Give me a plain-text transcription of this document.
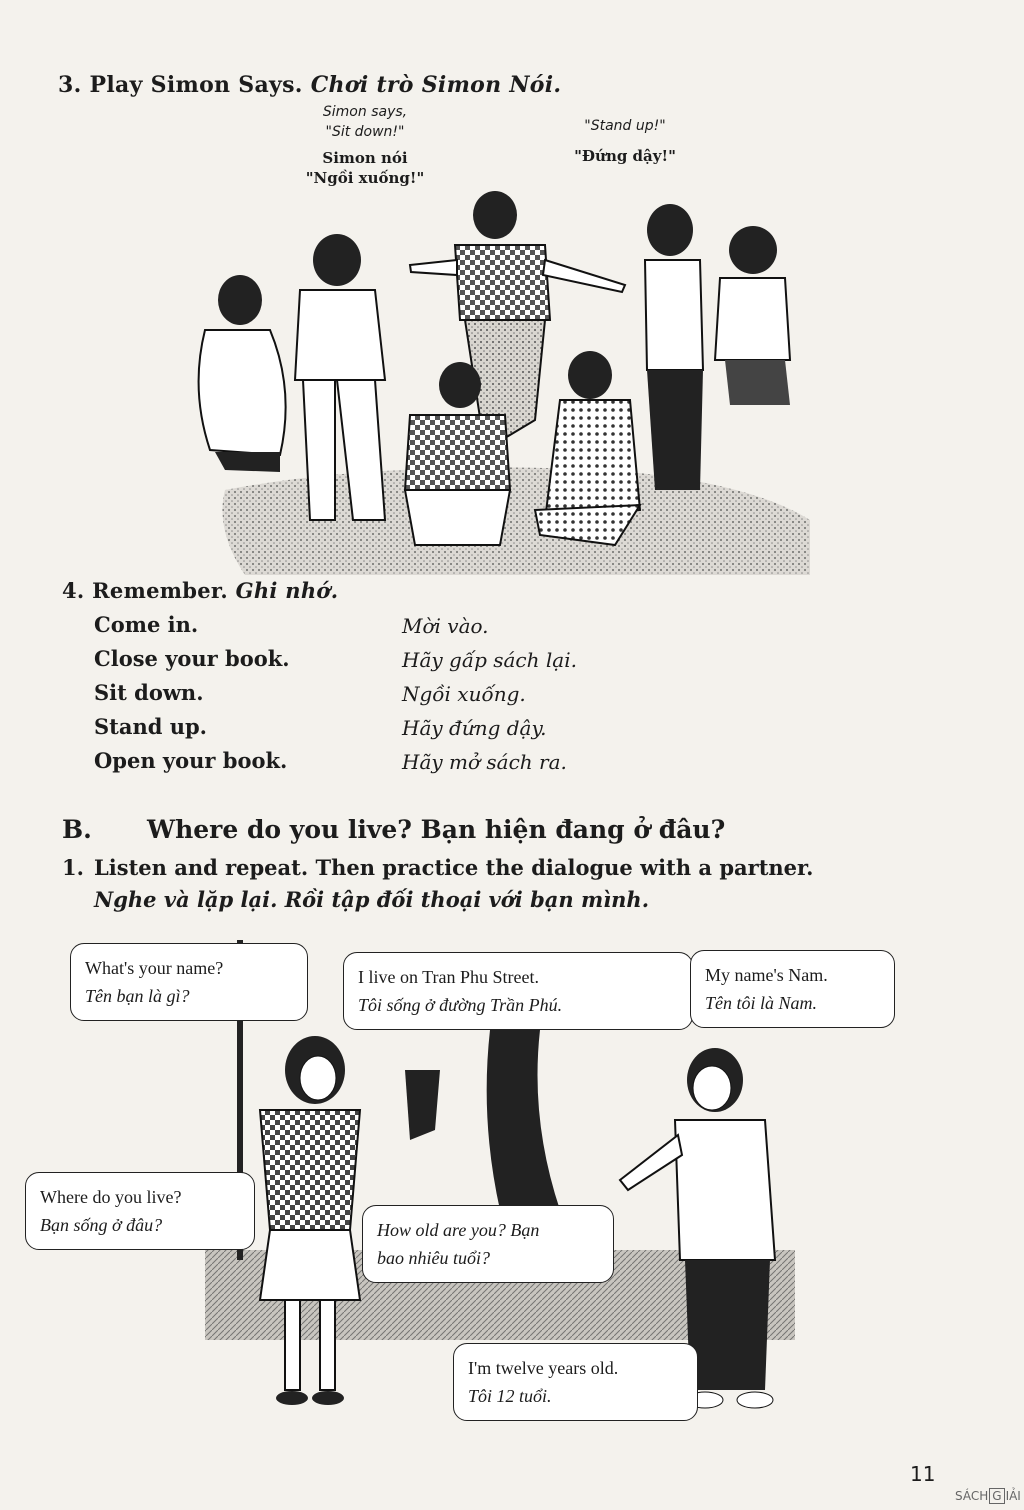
3. Play Simon Says. Chơi trò Simon Nói.
Simon says,
"Sit down!"
Simon nói
"Ngồi xuống!"
"Stand up!"
"Đứng dậy!"
4. Remember. Ghi nhớ.
Come in.	Mời vào.
Close your book.	Hãy gấp sách lại.
Sit down.	Ngồi xuống.
Stand up.	Hãy đứng dậy.
Open your book.	Hãy mở sách ra.
B. Where do you live? Bạn hiện đang ở đâu?
1. Listen and repeat. Then practice the dialogue with a partner.
Nghe và lặp lại. Rồi tập đối thoại với bạn mình.
What's your name?
Tên bạn là gì?
I live on Tran Phu Street.
Tôi sống ở đường Trần Phú.
My name's Nam.
Tên tôi là Nam.
Where do you live?
Bạn sống ở đâu?	How old are you? Bạn
bao nhiêu tuổi?
I'm twelve years old.
Tôi 12 tuổi.
11
SÁCH G IẢI
